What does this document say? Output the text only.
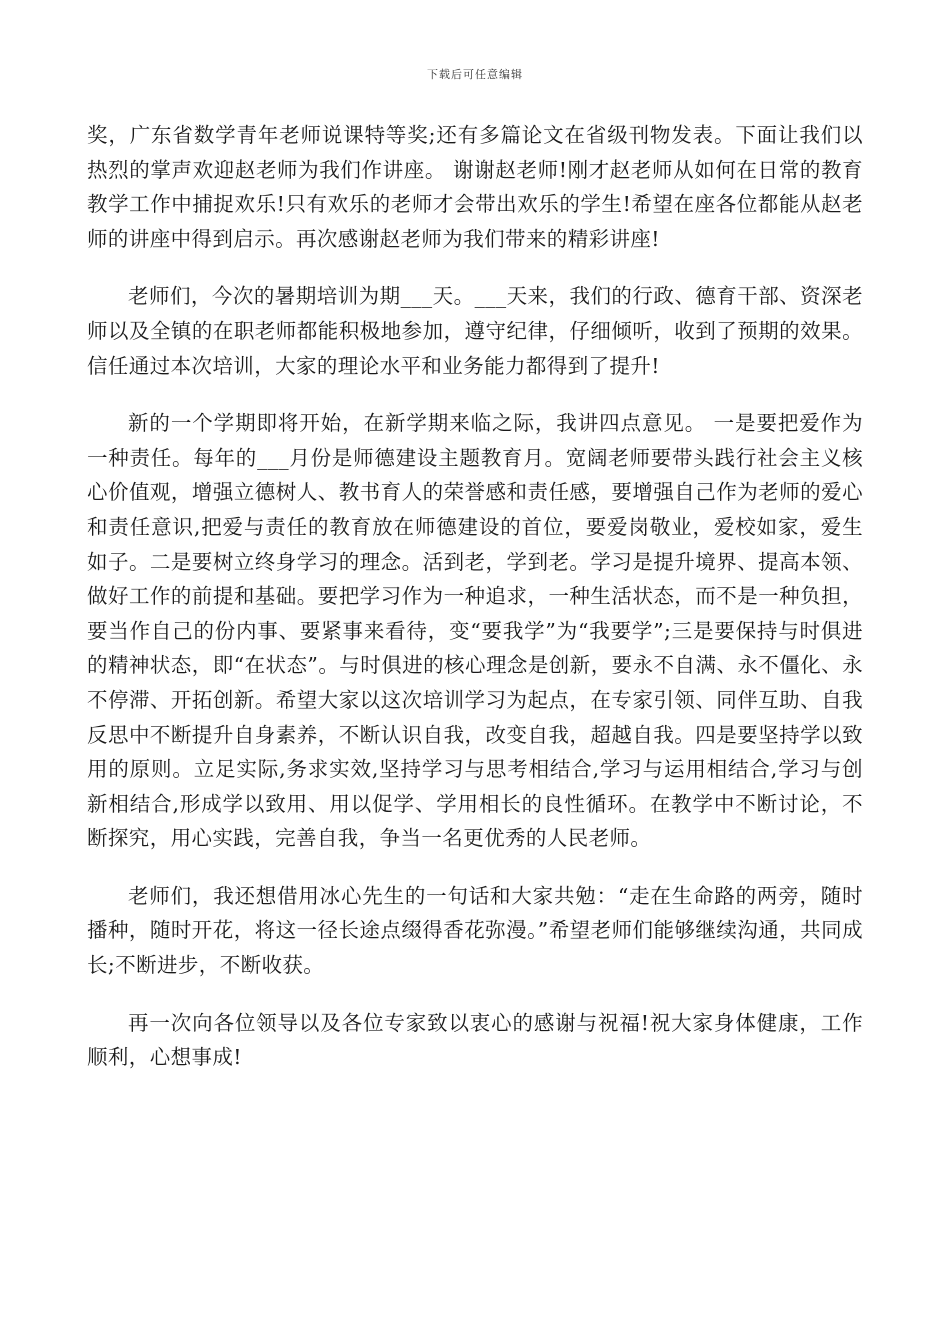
下载后可任意编辑

奖，广东省数学青年老师说课特等奖;还有多篇论文在省级刊物发表。下面让我们以热烈的掌声欢迎赵老师为我们作讲座。 谢谢赵老师!刚才赵老师从如何在日常的教育教学工作中捕捉欢乐!只有欢乐的老师才会带出欢乐的学生!希望在座各位都能从赵老师的讲座中得到启示。再次感谢赵老师为我们带来的精彩讲座!

老师们，今次的暑期培训为期___天。___天来，我们的行政、德育干部、资深老师以及全镇的在职老师都能积极地参加，遵守纪律，仔细倾听，收到了预期的效果。信任通过本次培训，大家的理论水平和业务能力都得到了提升!

新的一个学期即将开始，在新学期来临之际，我讲四点意见。 一是要把爱作为一种责任。每年的___月份是师德建设主题教育月。宽阔老师要带头践行社会主义核心价值观，增强立德树人、教书育人的荣誉感和责任感，要增强自己作为老师的爱心和责任意识,把爱与责任的教育放在师德建设的首位，要爱岗敬业，爱校如家，爱生如子。二是要树立终身学习的理念。活到老，学到老。学习是提升境界、提高本领、做好工作的前提和基础。要把学习作为一种追求，一种生活状态，而不是一种负担，要当作自己的份内事、要紧事来看待，变“要我学”为“我要学”;三是要保持与时俱进的精神状态，即“在状态”。与时俱进的核心理念是创新，要永不自满、永不僵化、永不停滞、开拓创新。希望大家以这次培训学习为起点，在专家引领、同伴互助、自我反思中不断提升自身素养，不断认识自我，改变自我，超越自我。四是要坚持学以致用的原则。立足实际,务求实效,坚持学习与思考相结合,学习与运用相结合,学习与创新相结合,形成学以致用、用以促学、学用相长的良性循环。在教学中不断讨论，不断探究，用心实践，完善自我，争当一名更优秀的人民老师。

老师们，我还想借用冰心先生的一句话和大家共勉：“走在生命路的两旁，随时播种，随时开花，将这一径长途点缀得香花弥漫。”希望老师们能够继续沟通，共同成长;不断进步，不断收获。

再一次向各位领导以及各位专家致以衷心的感谢与祝福!祝大家身体健康，工作顺利，心想事成!
